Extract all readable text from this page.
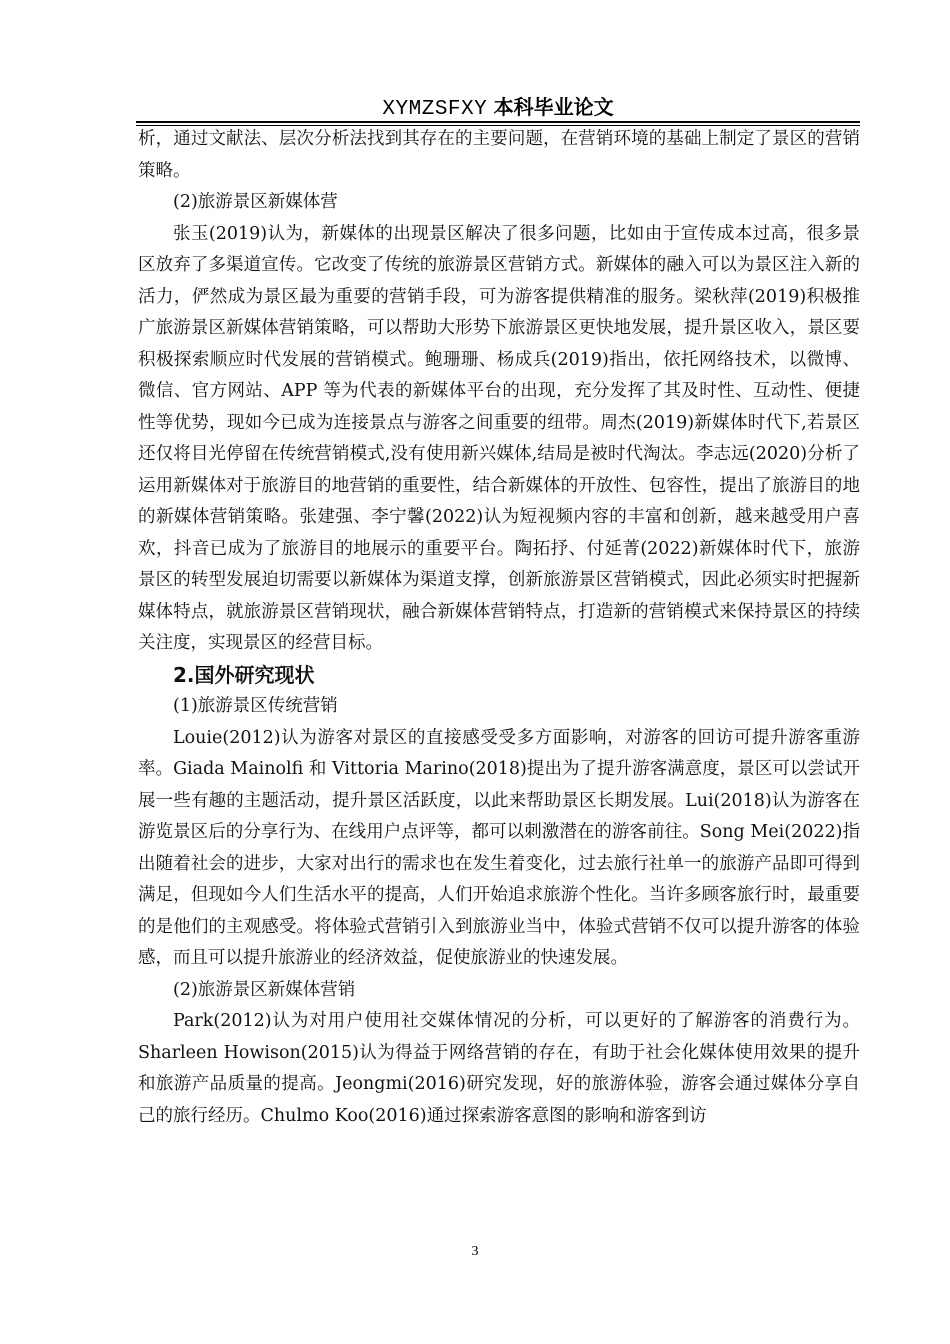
XYMZSFXY 本科毕业论文

析，通过文献法、层次分析法找到其存在的主要问题，在营销环境的基础上制定了景区的营销策略。

(2)旅游景区新媒体营

张玉(2019)认为，新媒体的出现景区解决了很多问题，比如由于宣传成本过高，很多景区放弃了多渠道宣传。它改变了传统的旅游景区营销方式。新媒体的融入可以为景区注入新的活力，俨然成为景区最为重要的营销手段，可为游客提供精准的服务。梁秋萍(2019)积极推广旅游景区新媒体营销策略，可以帮助大形势下旅游景区更快地发展，提升景区收入，景区要积极探索顺应时代发展的营销模式。鲍珊珊、杨成兵(2019)指出，依托网络技术，以微博、微信、官方网站、APP 等为代表的新媒体平台的出现，充分发挥了其及时性、互动性、便捷性等优势，现如今已成为连接景点与游客之间重要的纽带。周杰(2019)新媒体时代下,若景区还仅将目光停留在传统营销模式,没有使用新兴媒体,结局是被时代淘汰。李志远(2020)分析了运用新媒体对于旅游目的地营销的重要性，结合新媒体的开放性、包容性，提出了旅游目的地的新媒体营销策略。张建强、李宁馨(2022)认为短视频内容的丰富和创新，越来越受用户喜欢，抖音已成为了旅游目的地展示的重要平台。陶拓抒、付延菁(2022)新媒体时代下，旅游景区的转型发展迫切需要以新媒体为渠道支撑，创新旅游景区营销模式，因此必须实时把握新媒体特点，就旅游景区营销现状，融合新媒体营销特点，打造新的营销模式来保持景区的持续关注度，实现景区的经营目标。

2.国外研究现状

(1)旅游景区传统营销

Louie(2012)认为游客对景区的直接感受受多方面影响，对游客的回访可提升游客重游率。Giada Mainolfi 和 Vittoria Marino(2018)提出为了提升游客满意度，景区可以尝试开展一些有趣的主题活动，提升景区活跃度，以此来帮助景区长期发展。Lui(2018)认为游客在游览景区后的分享行为、在线用户点评等，都可以刺激潜在的游客前往。Song Mei(2022)指出随着社会的进步，大家对出行的需求也在发生着变化，过去旅行社单一的旅游产品即可得到满足，但现如今人们生活水平的提高，人们开始追求旅游个性化。当许多顾客旅行时，最重要的是他们的主观感受。将体验式营销引入到旅游业当中，体验式营销不仅可以提升游客的体验感，而且可以提升旅游业的经济效益，促使旅游业的快速发展。

(2)旅游景区新媒体营销

Park(2012)认为对用户使用社交媒体情况的分析，可以更好的了解游客的消费行为。Sharleen Howison(2015)认为得益于网络营销的存在，有助于社会化媒体使用效果的提升和旅游产品质量的提高。Jeongmi(2016)研究发现，好的旅游体验，游客会通过媒体分享自己的旅行经历。Chulmo Koo(2016)通过探索游客意图的影响和游客到访

3
